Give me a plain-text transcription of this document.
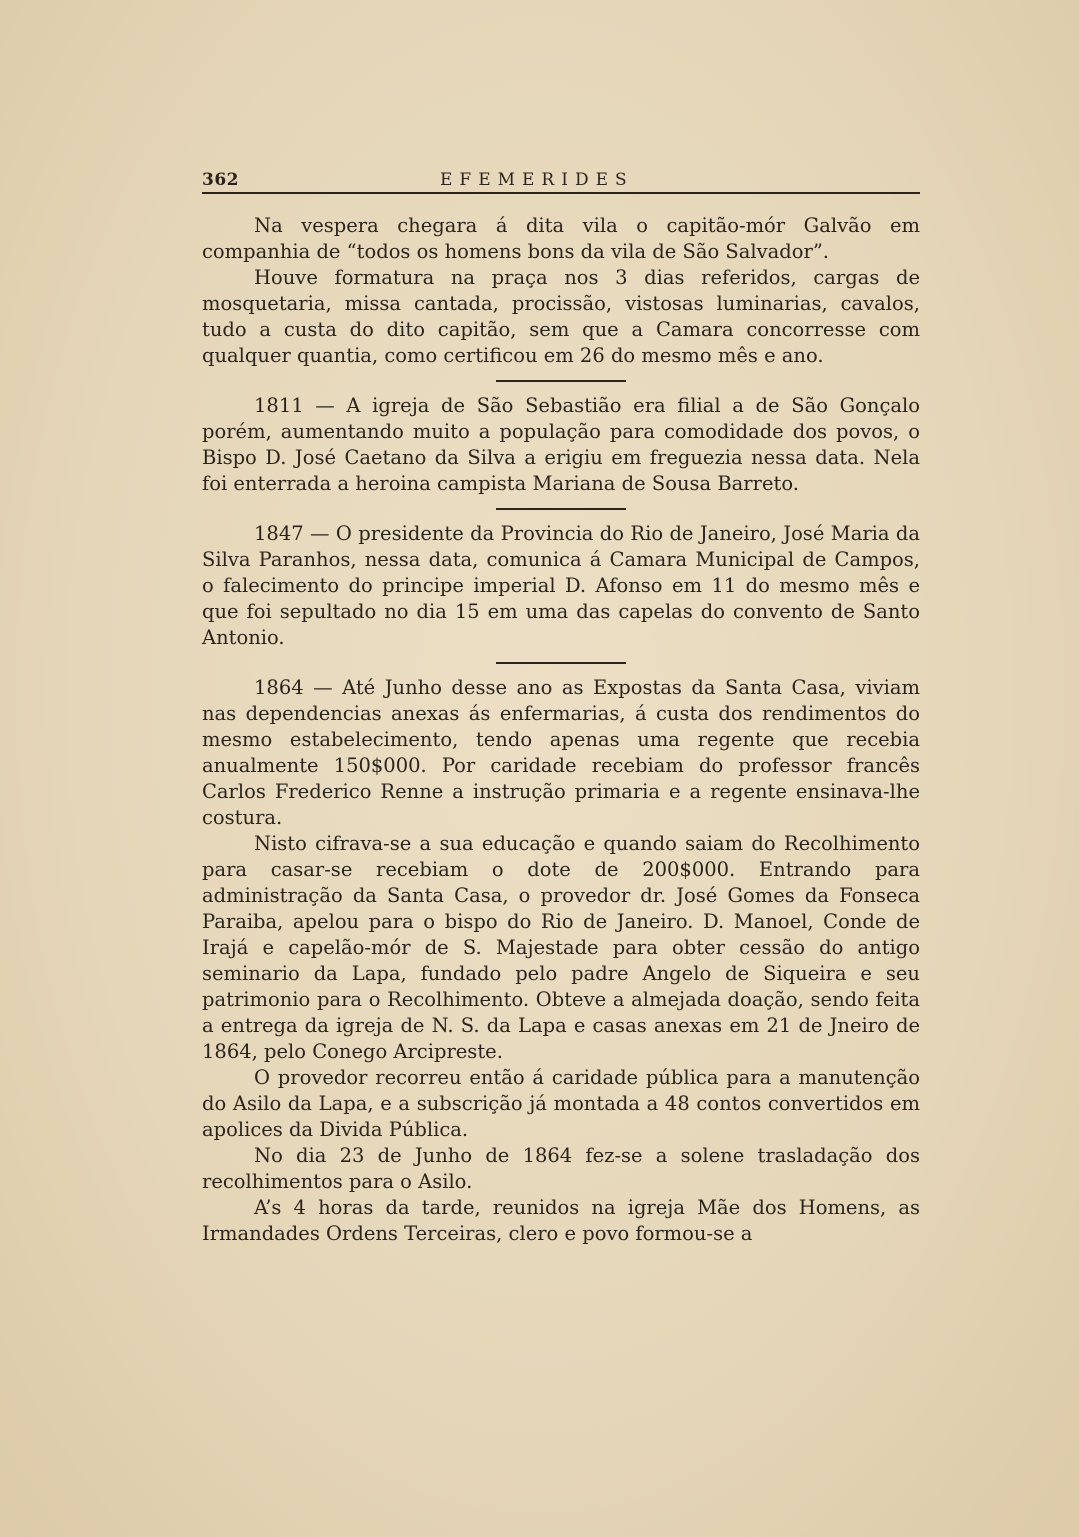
362	EFEMERIDES

Na vespera chegara á dita vila o capitão-mór Galvão em companhia de “todos os homens bons da vila de São Salvador”.

Houve formatura na praça nos 3 dias referidos, cargas de mosquetaria, missa cantada, procissão, vistosas luminarias, cavalos, tudo a custa do dito capitão, sem que a Camara concorresse com qualquer quantia, como certificou em 26 do mesmo mês e ano.

1811 — A igreja de São Sebastião era filial a de São Gonçalo porém, aumentando muito a população para comodidade dos povos, o Bispo D. José Caetano da Silva a erigiu em freguezia nessa data. Nela foi enterrada a heroina campista Mariana de Sousa Barreto.

1847 — O presidente da Provincia do Rio de Janeiro, José Maria da Silva Paranhos, nessa data, comunica á Camara Municipal de Campos, o falecimento do principe imperial D. Afonso em 11 do mesmo mês e que foi sepultado no dia 15 em uma das capelas do convento de Santo Antonio.

1864 — Até Junho desse ano as Expostas da Santa Casa, viviam nas dependencias anexas ás enfermarias, á custa dos rendimentos do mesmo estabelecimento, tendo apenas uma regente que recebia anualmente 150$000. Por caridade recebiam do professor francês Carlos Frederico Renne a instrução primaria e a regente ensinava-lhe costura.

Nisto cifrava-se a sua educação e quando saiam do Recolhimento para casar-se recebiam o dote de 200$000. Entrando para administração da Santa Casa, o provedor dr. José Gomes da Fonseca Paraiba, apelou para o bispo do Rio de Janeiro. D. Manoel, Conde de Irajá e capelão-mór de S. Majestade para obter cessão do antigo seminario da Lapa, fundado pelo padre Angelo de Siqueira e seu patrimonio para o Recolhimento. Obteve a almejada doação, sendo feita a entrega da igreja de N. S. da Lapa e casas anexas em 21 de Jneiro de 1864, pelo Conego Arcipreste.

O provedor recorreu então á caridade pública para a manutenção do Asilo da Lapa, e a subscrição já montada a 48 contos convertidos em apolices da Divida Pública.

No dia 23 de Junho de 1864 fez-se a solene trasladação dos recolhimentos para o Asilo.

A’s 4 horas da tarde, reunidos na igreja Mãe dos Homens, as Irmandades Ordens Terceiras, clero e povo formou-se a
